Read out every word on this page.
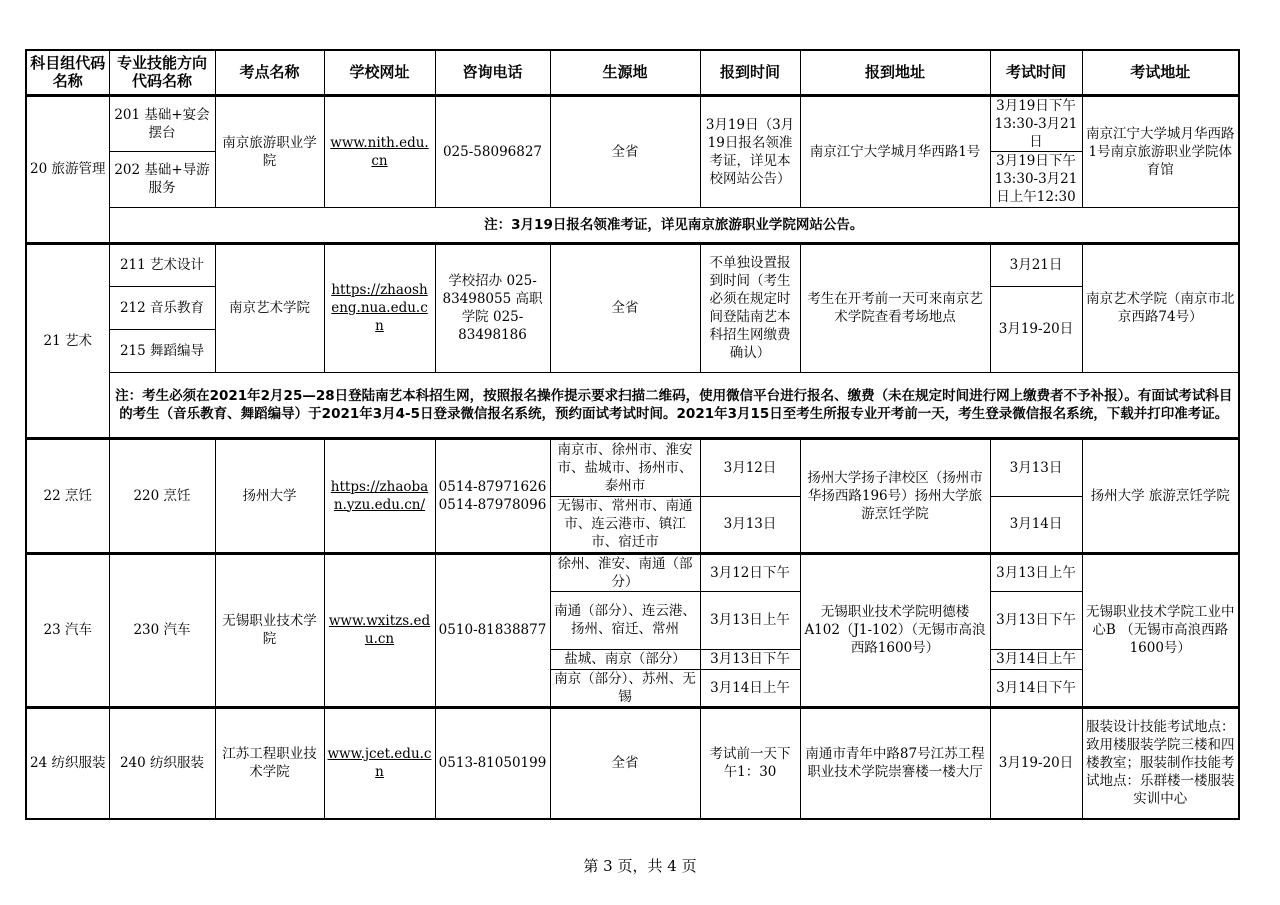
科目组代码名称	专业技能方向代码名称	考点名称	学校网址	咨询电话	生源地	报到时间	报到地址	考试时间	考试地址
20 旅游管理	201 基础+宴会摆台	南京旅游职业学院	www.nith.edu.cn	025-58096827	全省	3月19日（3月19日报名领准考证，详见本校网站公告）	南京江宁大学城月华西路1号	3月19日下午13:30-3月21日	南京江宁大学城月华西路1号南京旅游职业学院体育馆
	202 基础+导游服务							3月19日下午13:30-3月21日上午12:30	
	注：3月19日报名领准考证，详见南京旅游职业学院网站公告。								
21 艺术	211 艺术设计	南京艺术学院	https://zhaosheng.nua.edu.cn	学校招办 025-83498055 高职学院 025-83498186	全省	不单独设置报到时间（考生必须在规定时间登陆南艺本科招生网缴费确认）	考生在开考前一天可来南京艺术学院查看考场地点	3月21日	南京艺术学院（南京市北京西路74号）
	212 音乐教育							3月19-20日	
	215 舞蹈编导								
	注：考生必须在2021年2月25—28日登陆南艺本科招生网，按照报名操作提示要求扫描二维码，使用微信平台进行报名、缴费（未在规定时间进行网上缴费者不予补报）。有面试考试科目的考生（音乐教育、舞蹈编导）于2021年3月4-5日登录微信报名系统，预约面试考试时间。2021年3月15日至考生所报专业开考前一天，考生登录微信报名系统，下载并打印准考证。								
22 烹饪	220 烹饪	扬州大学	https://zhaoban.yzu.edu.cn/	0514-87971626 0514-87978096	南京市、徐州市、淮安市、盐城市、扬州市、泰州市	3月12日	扬州大学扬子津校区（扬州市华扬西路196号）扬州大学旅游烹饪学院	3月13日	扬州大学 旅游烹饪学院
					无锡市、常州市、南通市、连云港市、镇江市、宿迁市	3月13日		3月14日	
23 汽车	230 汽车	无锡职业技术学院	www.wxitzs.edu.cn	0510-81838877	徐州、淮安、南通（部分）	3月12日下午	无锡职业技术学院明德楼A102（J1-102）（无锡市高浪西路1600号）	3月13日上午	无锡职业技术学院工业中心B （无锡市高浪西路1600号）
					南通（部分）、连云港、扬州、宿迁、常州	3月13日上午		3月13日下午	
					盐城、南京（部分）	3月13日下午		3月14日上午	
					南京（部分）、苏州、无锡	3月14日上午		3月14日下午	
24 纺织服装	240 纺织服装	江苏工程职业技术学院	www.jcet.edu.cn	0513-81050199	全省	考试前一天下午1：30	南通市青年中路87号江苏工程职业技术学院崇謇楼一楼大厅	3月19-20日	服装设计技能考试地点：致用楼服装学院三楼和四楼教室；服装制作技能考试地点：乐群楼一楼服装实训中心
第 3 页，共 4 页
